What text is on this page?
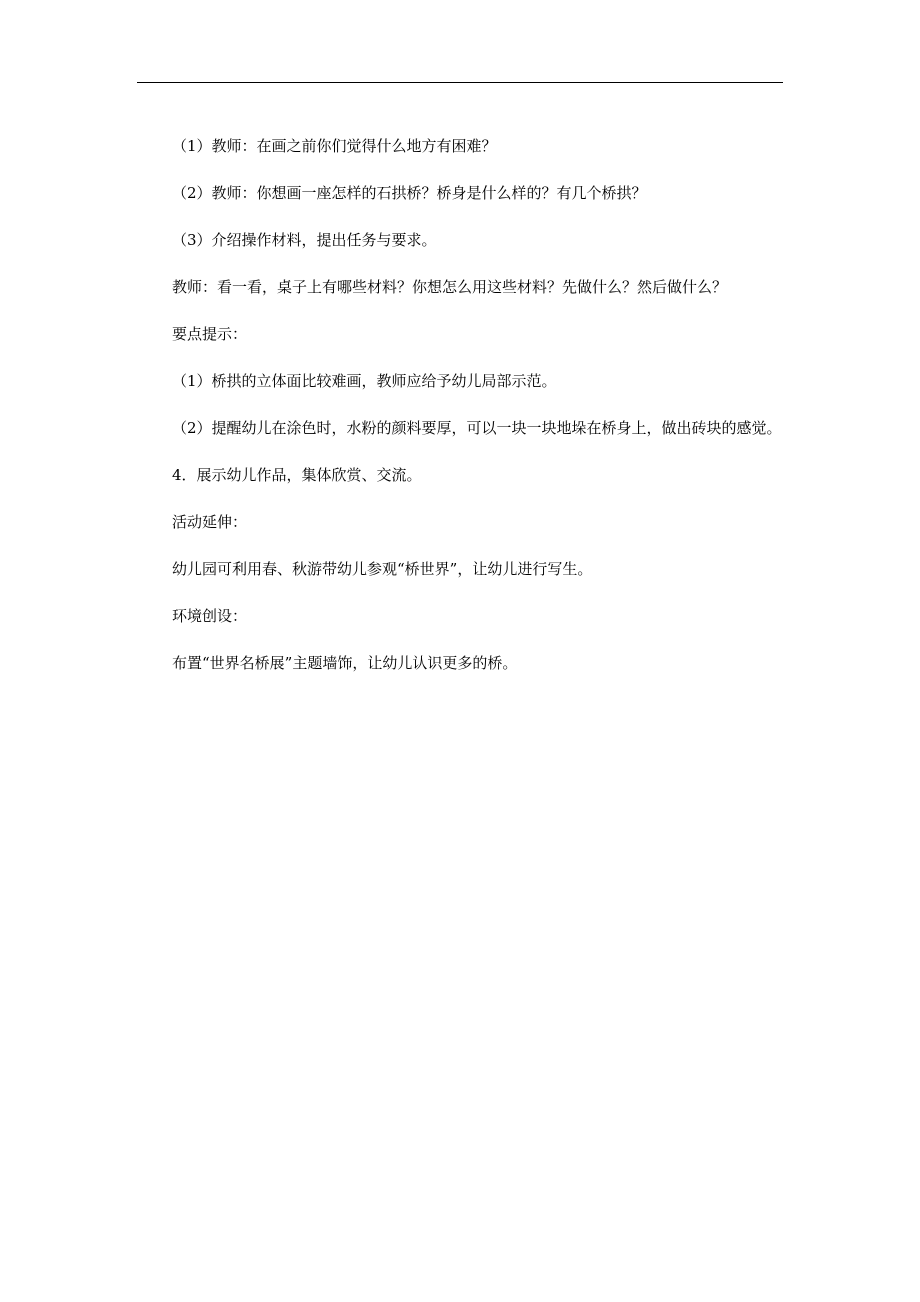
（1）教师：在画之前你们觉得什么地方有困难？

（2）教师：你想画一座怎样的石拱桥？桥身是什么样的？有几个桥拱？

（3）介绍操作材料，提出任务与要求。

教师：看一看，桌子上有哪些材料？你想怎么用这些材料？先做什么？然后做什么？

要点提示：

（1）桥拱的立体面比较难画，教师应给予幼儿局部示范。

（2）提醒幼儿在涂色时，水粉的颜料要厚，可以一块一块地垛在桥身上，做出砖块的感觉。

4．展示幼儿作品，集体欣赏、交流。

活动延伸：

幼儿园可利用春、秋游带幼儿参观“桥世界”，让幼儿进行写生。

环境创设：

布置“世界名桥展”主题墙饰，让幼儿认识更多的桥。
